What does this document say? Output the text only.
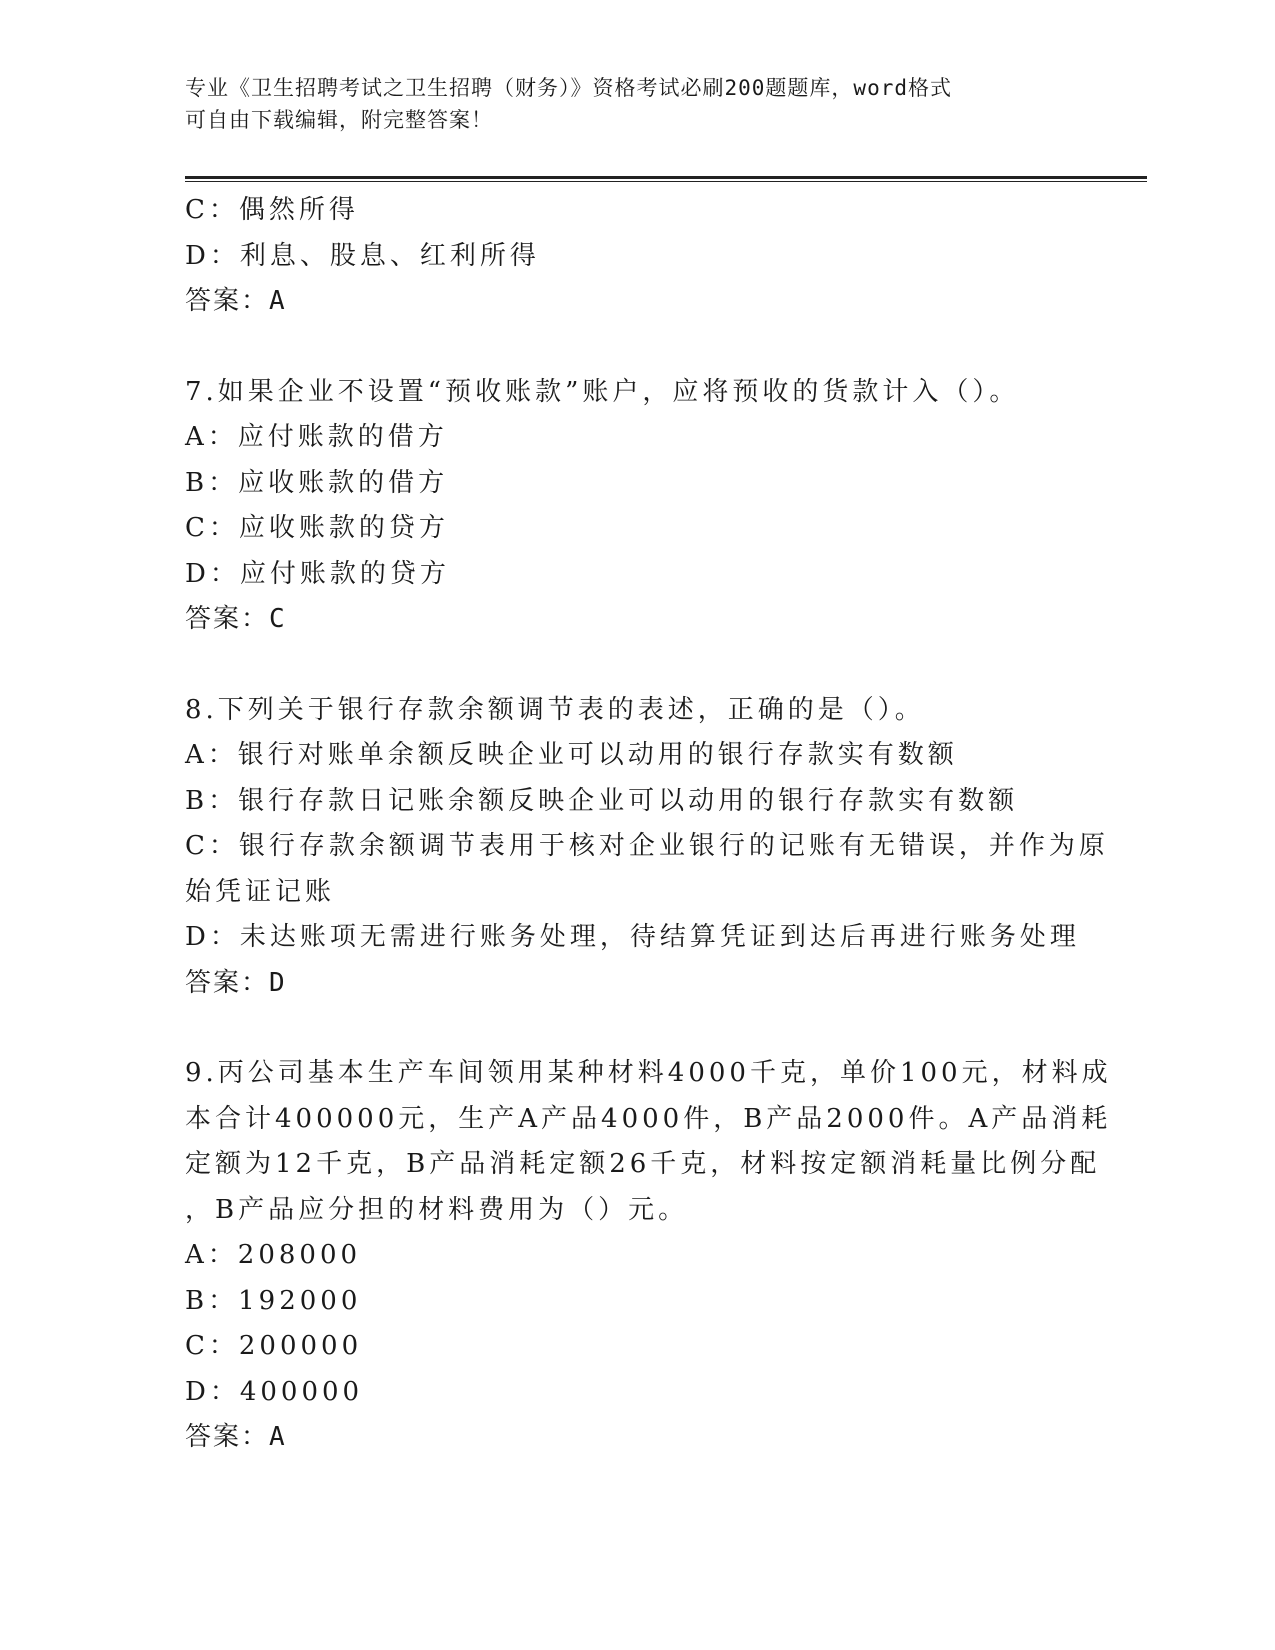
专业《卫生招聘考试之卫生招聘（财务）》资格考试必刷200题题库，word格式
可自由下载编辑，附完整答案！
C：偶然所得
D：利息、股息、红利所得
答案：A
7.如果企业不设置“预收账款”账户，应将预收的货款计入（）。
A：应付账款的借方
B：应收账款的借方
C：应收账款的贷方
D：应付账款的贷方
答案：C
8.下列关于银行存款余额调节表的表述，正确的是（）。
A：银行对账单余额反映企业可以动用的银行存款实有数额
B：银行存款日记账余额反映企业可以动用的银行存款实有数额
C：银行存款余额调节表用于核对企业银行的记账有无错误，并作为原
始凭证记账
D：未达账项无需进行账务处理，待结算凭证到达后再进行账务处理
答案：D
9.丙公司基本生产车间领用某种材料4000千克，单价100元，材料成
本合计400000元，生产A产品4000件，B产品2000件。A产品消耗
定额为12千克，B产品消耗定额26千克，材料按定额消耗量比例分配
，B产品应分担的材料费用为（）元。
A：208000
B：192000
C：200000
D：400000
答案：A
